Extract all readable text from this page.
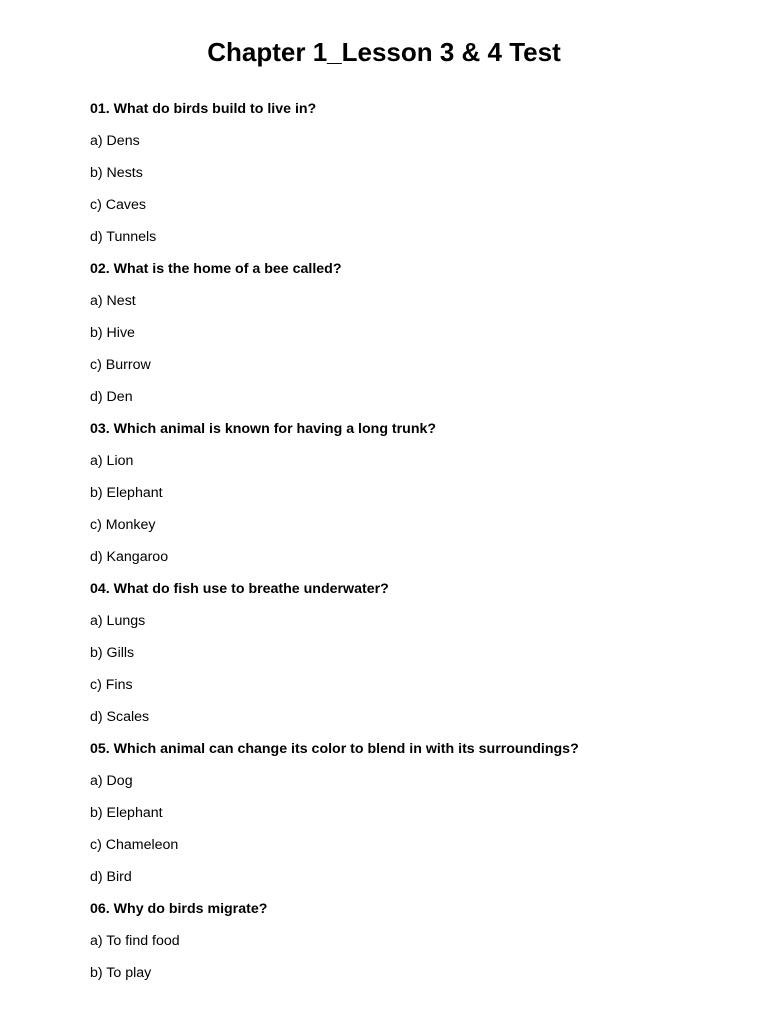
Chapter 1_Lesson 3 & 4 Test
01. What do birds build to live in?
a) Dens
b) Nests
c) Caves
d) Tunnels
02. What is the home of a bee called?
a) Nest
b) Hive
c) Burrow
d) Den
03. Which animal is known for having a long trunk?
a) Lion
b) Elephant
c) Monkey
d) Kangaroo
04. What do fish use to breathe underwater?
a) Lungs
b) Gills
c) Fins
d) Scales
05. Which animal can change its color to blend in with its surroundings?
a) Dog
b) Elephant
c) Chameleon
d) Bird
06. Why do birds migrate?
a) To find food
b) To play
